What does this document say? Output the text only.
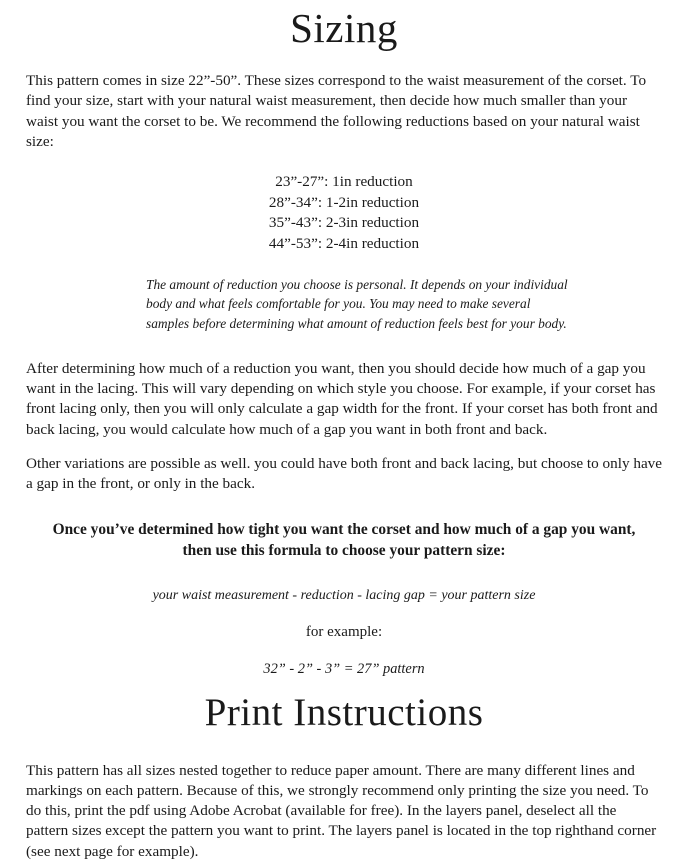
Sizing

This pattern comes in size 22”-50”. These sizes correspond to the waist measurement of the corset. To find your size, start with your natural waist measurement, then decide how much smaller than your waist you want the corset to be. We recommend the following reductions based on your natural waist size:

23”-27”: 1in reduction
28”-34”: 1-2in reduction
35”-43”: 2-3in reduction
44”-53”: 2-4in reduction

The amount of reduction you choose is personal. It depends on your individual body and what feels comfortable for you. You may need to make several samples before determining what amount of reduction feels best for your body.

After determining how much of a reduction you want, then you should decide how much of a gap you want in the lacing. This will vary depending on which style you choose. For example, if your corset has front lacing only, then you will only calculate a gap width for the front. If your corset has both front and back lacing, you would calculate how much of a gap you want in both front and back.

Other variations are possible as well. you could have both front and back lacing, but choose to only have a gap in the front, or only in the back.

Once you’ve determined how tight you want the corset and how much of a gap you want,
then use this formula to choose your pattern size:

your waist measurement - reduction - lacing gap = your pattern size

for example:

32” - 2” - 3” = 27” pattern

Print Instructions

This pattern has all sizes nested together to reduce paper amount. There are many different lines and markings on each pattern. Because of this, we strongly recommend only printing the size you need. To do this, print the pdf using Adobe Acrobat (available for free). In the layers panel, deselect all the pattern sizes except the pattern you want to print. The layers panel is located in the top righthand corner (see next page for example).
